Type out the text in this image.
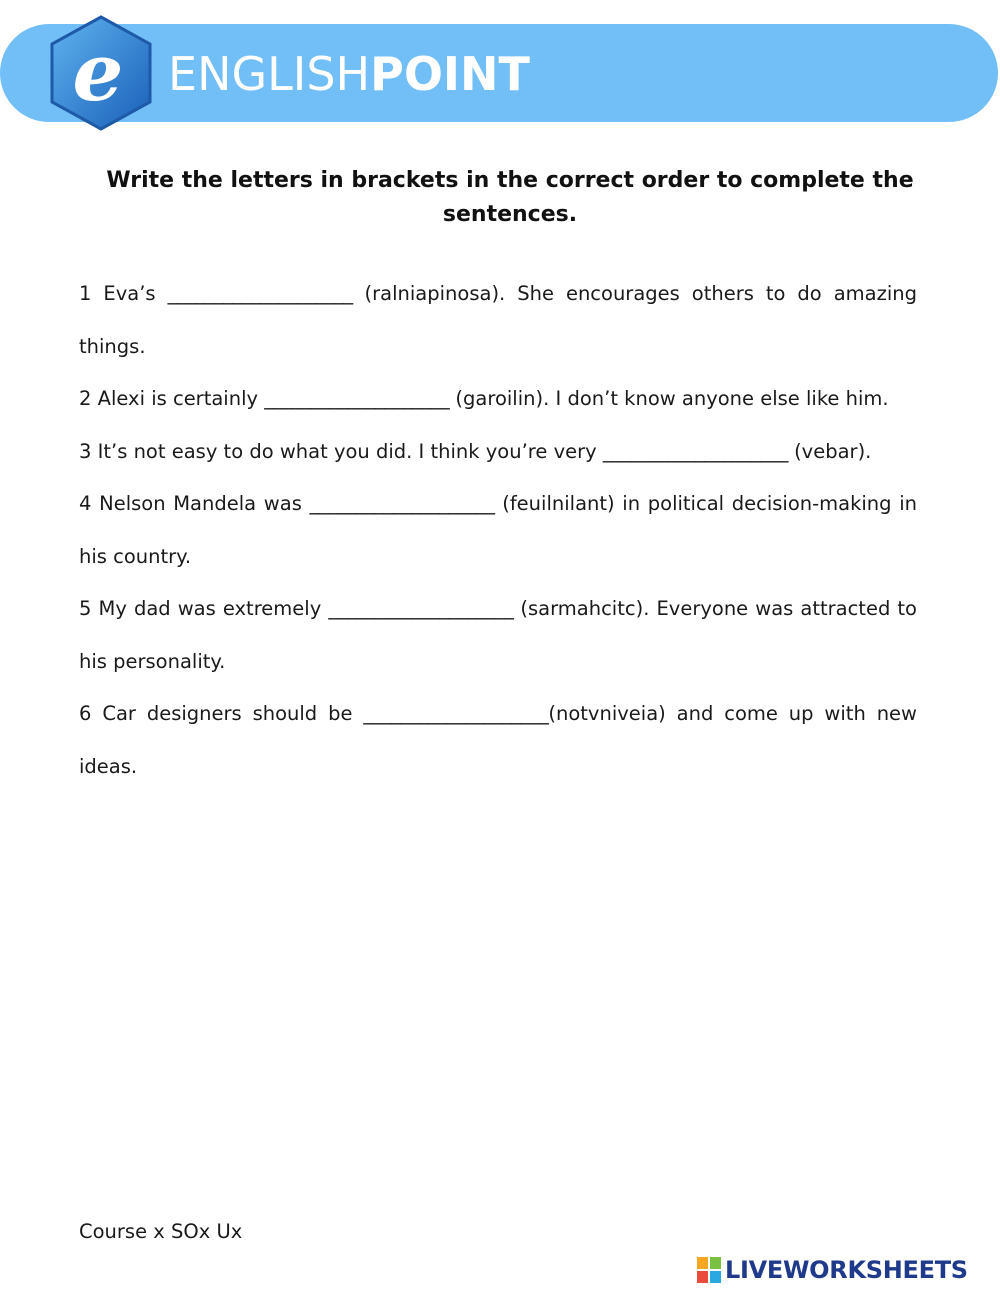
e ENGLISHPOINT
Write the letters in brackets in the correct order to complete the sentences.

1 Eva’s ____________________ (ralniapinosa). She encourages others to do amazing things.

2 Alexi is certainly ____________________ (garoilin). I don’t know anyone else like him.

3 It’s not easy to do what you did. I think you’re very ____________________ (vebar).

4 Nelson Mandela was ____________________ (feuilnilant) in political decision-making in his country.

5 My dad was extremely ____________________ (sarmahcitc). Everyone was attracted to his personality.

6 Car designers should be ____________________(notvniveia) and come up with new ideas.

Course x SOx Ux
LIVEWORKSHEETS
